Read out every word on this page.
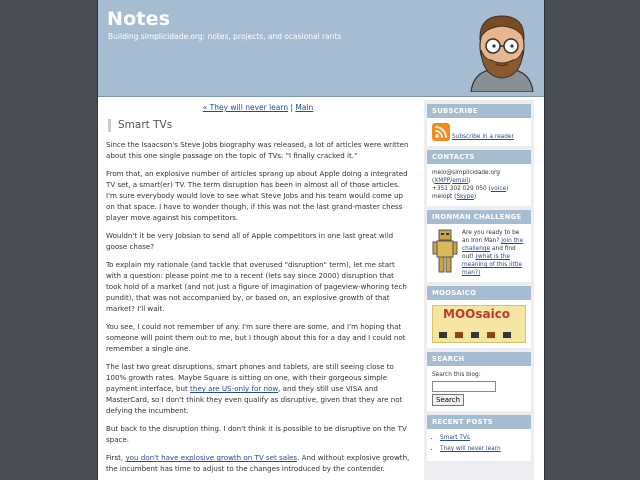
Notes
Building simplicidade.org: notes, projects, and ocasional rants
« They will never learn | Main
Smart TVs

Since the Isaacson's Steve Jobs biography was released, a lot of articles were written about this one single passage on the topic of TVs: "I finally cracked it."

From that, an explosive number of articles sprang up about Apple doing a integrated TV set, a smart(er) TV. The term disruption has been in almost all of those articles. I'm sure everybody would love to see what Steve Jobs and his team would come up on that space. I have to wonder though, if this was not the last grand-master chess player move against his competitors.

Wouldn't it be very Jobsian to send all of Apple competitors in one last great wild goose chase?

To explain my rationale (and tackle that overused "disruption" term), let me start with a question: please point me to a recent (lets say since 2000) disruption that took hold of a market (and not just a figure of imagination of pageview-whoring tech pundit), that was not accompanied by, or based on, an explosive growth of that market? I'll wait.

You see, I could not remember of any. I'm sure there are some, and I'm hoping that someone will point them out to me, but I though about this for a day and I could not remember a single one.

The last two great disruptions, smart phones and tablets, are still seeing close to 100% growth rates. Maybe Square is sitting on one, with their gorgeous simple payment interface, but they are US-only for now, and they still use VISA and MasterCard, so I don't think they even qualify as disruptive, given that they are not defying the incumbent.

But back to the disruption thing. I don't think it is possible to be disruptive on the TV space.

First, you don't have explosive growth on TV set sales. And without explosive growth, the incumbent has time to adjust to the changes introduced by the contender.

SUBSCRIBE
Subscribe in a reader
CONTACTS
melo@simplicidade.org
(XMPP/email)
+351 302 029 050 (voice)
melopt (Skype)
IRONMAN CHALLENGE
Are you ready to be an Iron Man? Join the challenge and find out! (what is the meaning of this little man?)
MOOSAICO
MOOsaico
SEARCH
Search this blog:
Search
RECENT POSTS
• Smart TVs
• They will never learn
